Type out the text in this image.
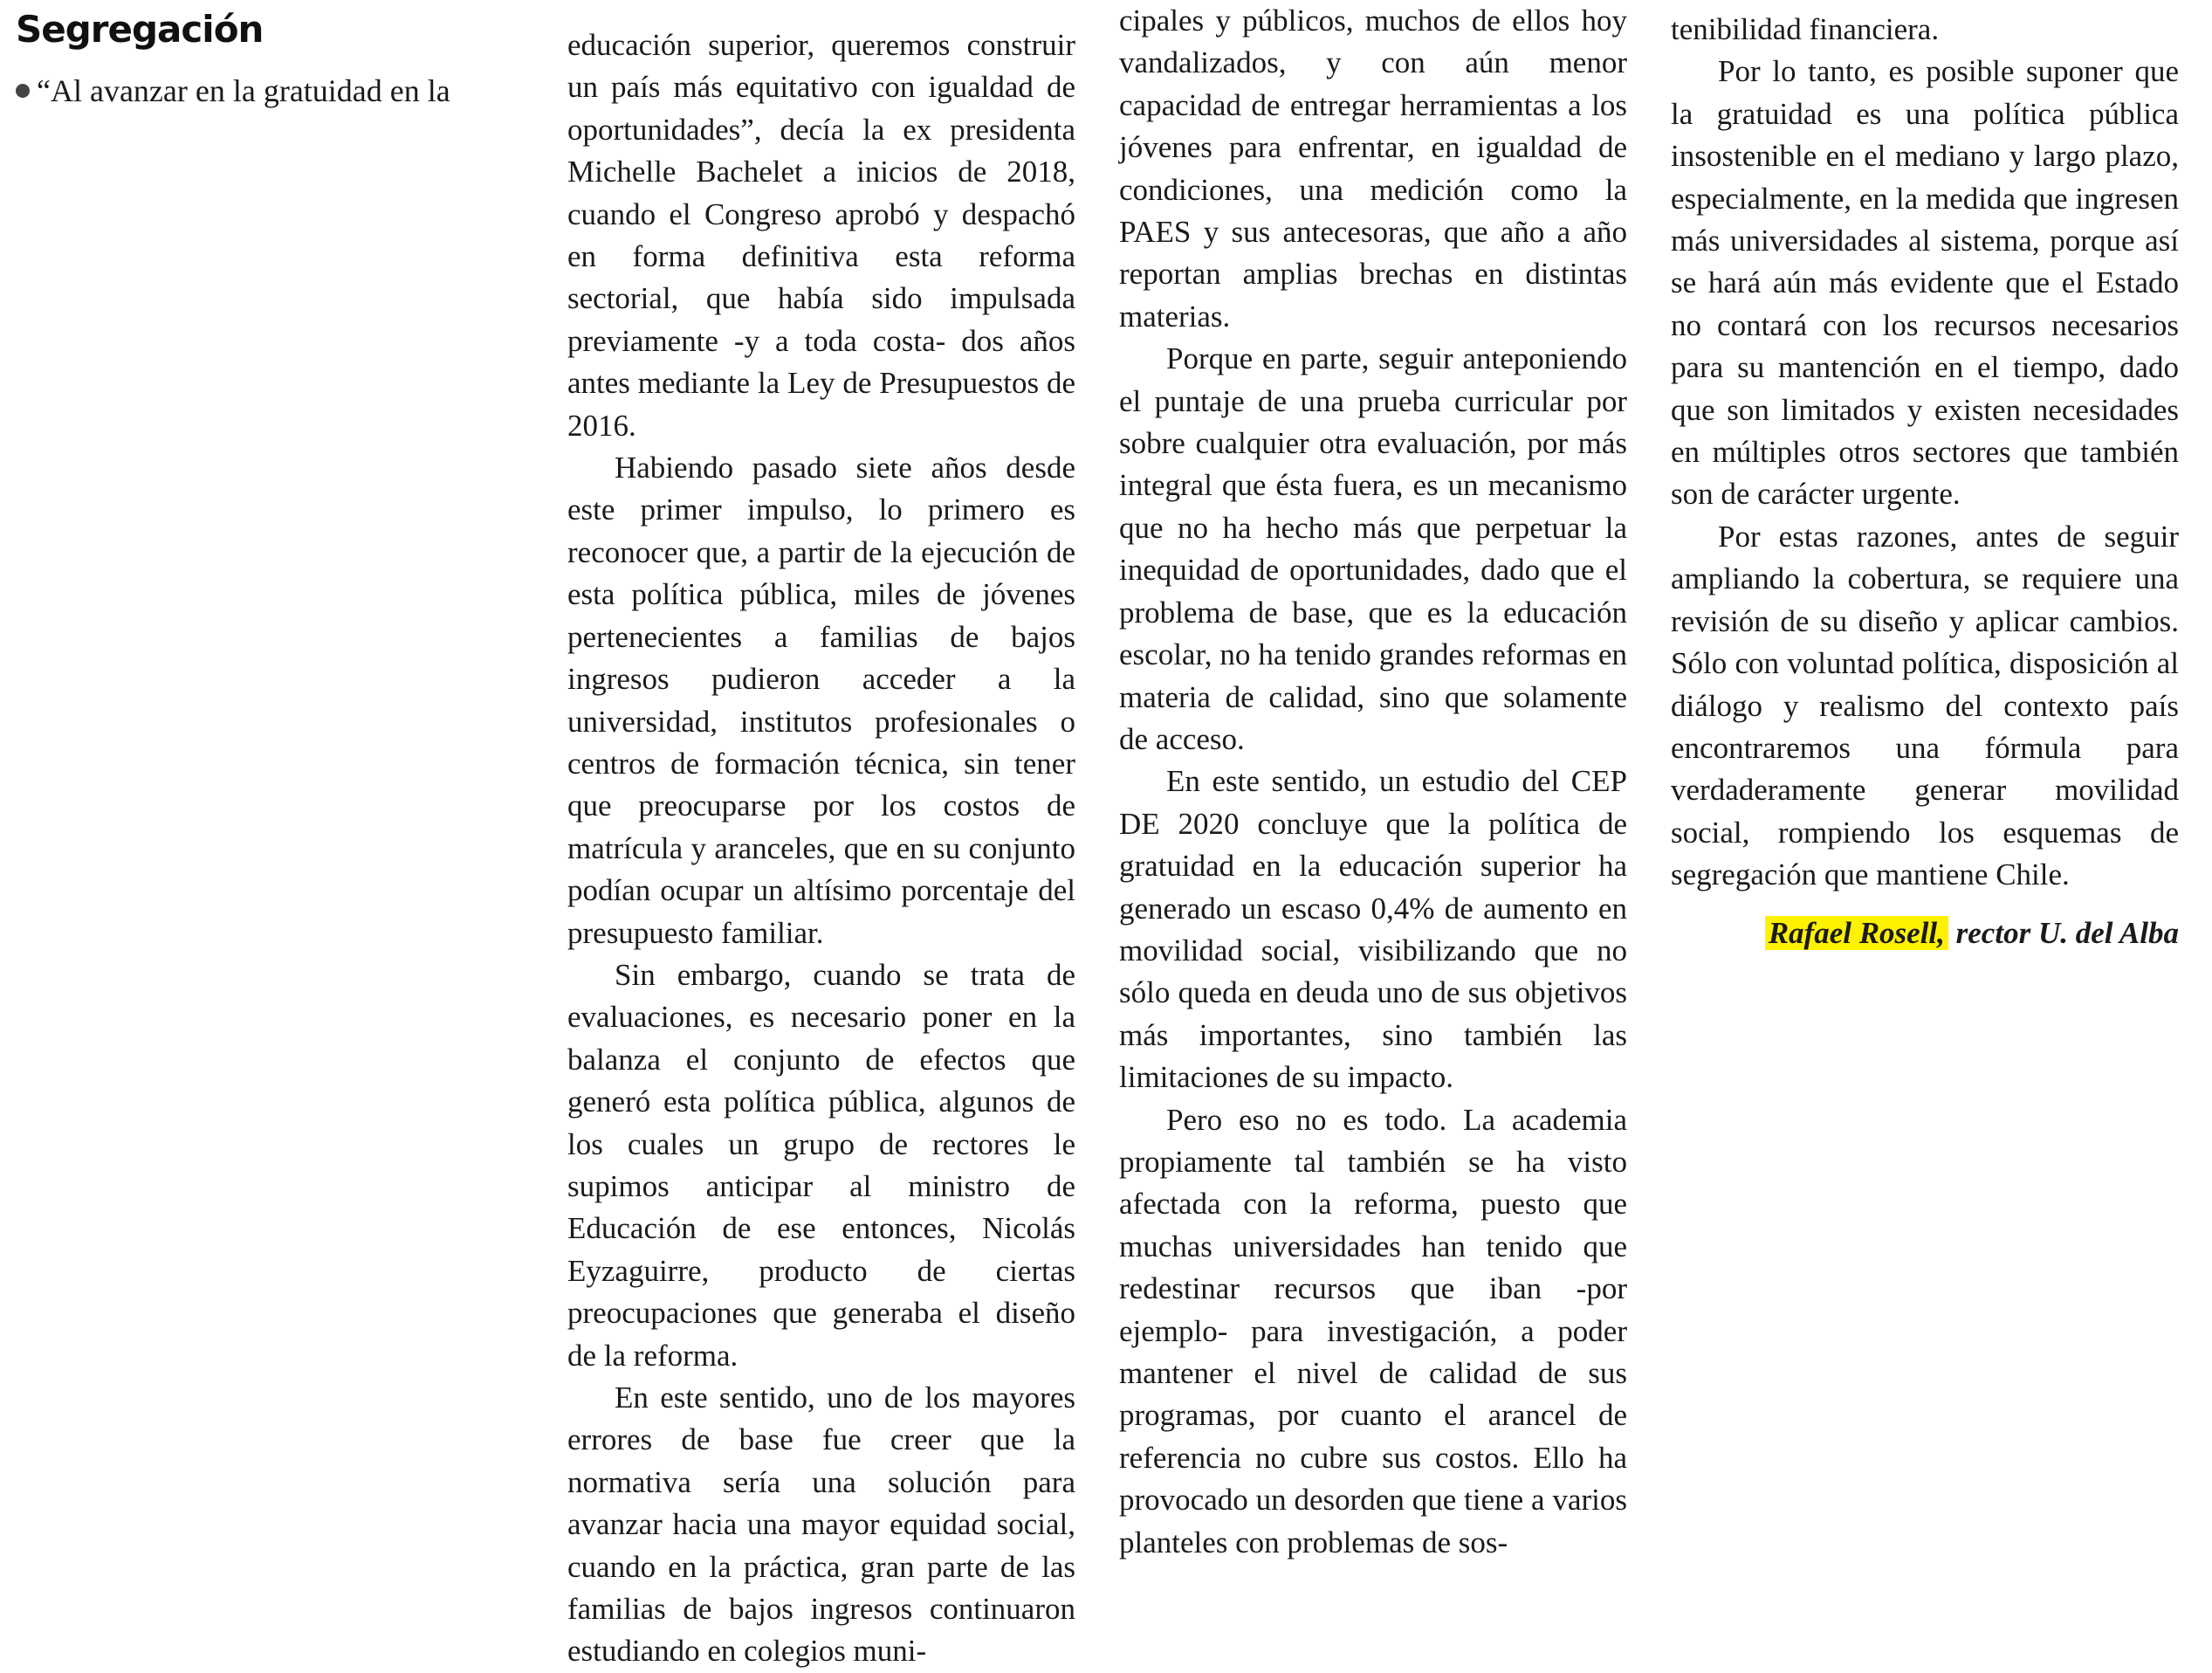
Segregación

“Al avanzar en la gratuidad en la

educación superior, queremos construir un país más equitativo con igualdad de oportunidades”, decía la ex presidenta Michelle Bachelet a inicios de 2018, cuando el Congreso aprobó y despachó en forma definitiva esta reforma sectorial, que había sido impulsada previamente -y a toda costa- dos años antes mediante la Ley de Presupuestos de 2016.

Habiendo pasado siete años desde este primer impulso, lo primero es reconocer que, a partir de la ejecución de esta política pública, miles de jóvenes pertenecientes a familias de bajos ingresos pudieron acceder a la universidad, institutos profesionales o centros de formación técnica, sin tener que preocuparse por los costos de matrícula y aranceles, que en su conjunto podían ocupar un altísimo porcentaje del presupuesto familiar.

Sin embargo, cuando se trata de evaluaciones, es necesario poner en la balanza el conjunto de efectos que generó esta política pública, algunos de los cuales un grupo de rectores le supimos anticipar al ministro de Educación de ese entonces, Nicolás Eyzaguirre, producto de ciertas preocupaciones que generaba el diseño de la reforma.

En este sentido, uno de los mayores errores de base fue creer que la normativa sería una solución para avanzar hacia una mayor equidad social, cuando en la práctica, gran parte de las familias de bajos ingresos continuaron estudiando en colegios muni-

cipales y públicos, muchos de ellos hoy vandalizados, y con aún menor capacidad de entregar herramientas a los jóvenes para enfrentar, en igualdad de condiciones, una medición como la PAES y sus antecesoras, que año a año reportan amplias brechas en distintas materias.

Porque en parte, seguir anteponiendo el puntaje de una prueba curricular por sobre cualquier otra evaluación, por más integral que ésta fuera, es un mecanismo que no ha hecho más que perpetuar la inequidad de oportunidades, dado que el problema de base, que es la educación escolar, no ha tenido grandes reformas en materia de calidad, sino que solamente de acceso.

En este sentido, un estudio del CEP DE 2020 concluye que la política de gratuidad en la educación superior ha generado un escaso 0,4% de aumento en movilidad social, visibilizando que no sólo queda en deuda uno de sus objetivos más importantes, sino también las limitaciones de su impacto.

Pero eso no es todo. La academia propiamente tal también se ha visto afectada con la reforma, puesto que muchas universidades han tenido que redestinar recursos que iban -por ejemplo- para investigación, a poder mantener el nivel de calidad de sus programas, por cuanto el arancel de referencia no cubre sus costos. Ello ha provocado un desorden que tiene a varios planteles con problemas de sos-

tenibilidad financiera.

Por lo tanto, es posible suponer que la gratuidad es una política pública insostenible en el mediano y largo plazo, especialmente, en la medida que ingresen más universidades al sistema, porque así se hará aún más evidente que el Estado no contará con los recursos necesarios para su mantención en el tiempo, dado que son limitados y existen necesidades en múltiples otros sectores que también son de carácter urgente.

Por estas razones, antes de seguir ampliando la cobertura, se requiere una revisión de su diseño y aplicar cambios. Sólo con voluntad política, disposición al diálogo y realismo del contexto país encontraremos una fórmula para verdaderamente generar movilidad social, rompiendo los esquemas de segregación que mantiene Chile.

Rafael Rosell, rector U. del Alba
